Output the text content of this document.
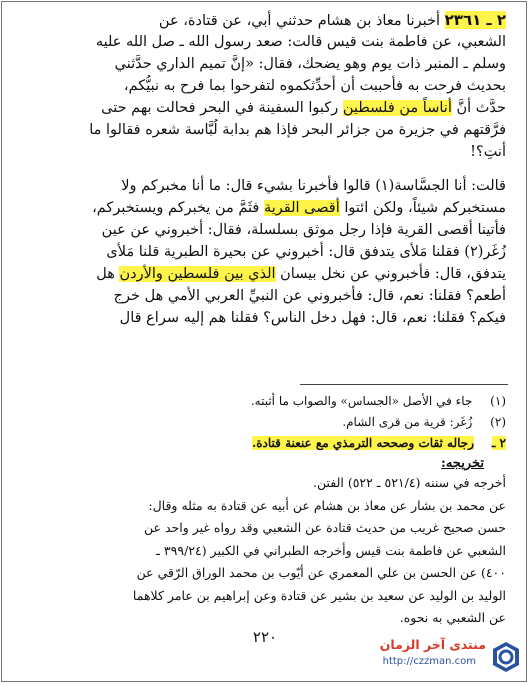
٢ ـ ٢٣٦١ أخبرنا معاذ بن هشام حدثني أبي، عن قتادة، عن
الشعبي، عن فاطمة بنت قيس قالت: صعد رسول الله ـ صل الله عليه
وسلم ـ المنبر ذات يوم وهو يضحك، فقال: «إنَّ تميم الداري حدَّثني
بحديث فرحت به فأحببت أن أحدِّثكموه لتفرحوا بما فرح به نبيُّكم،
حدَّث أنَّ أناساً من فلسطين ركبوا السفينة في البحر فحالت بهم حتى
فرَّقتهم في جزيرة من جزائر البحر فإذا هم بدابة لُبَّاسة شعره فقالوا ما
أنتِ؟!
قالت: أنا الجسَّاسة(١) قالوا فأخبرنا بشيء قال: ما أنا مخبركم ولا
مستخبركم شيئاً، ولكن ائتوا أقصى القرية فثَمَّ من يخبركم ويستخبركم،
فأتينا أقصى القرية فإذا رجل موثق بسلسلة، فقال: أخبروني عن عين
زُغَر(٢) فقلنا مَلأى يتدفق قال: أخبروني عن بحيرة الطبرية قلنا مَلأى
يتدفق، قال: فأخبروني عن نخل بيسان الذي بين فلسطين والأردن هل
أطعم؟ فقلنا: نعم، قال: فأخبروني عن النبيِّ العربي الأمي هل خرج
فيكم؟ فقلنا: نعم، قال: فهل دخل الناس؟ فقلنا هم إليه سراع قال
(١) جاء في الأصل «الجساس» والصواب ما أثبته.
(٢) زُغَر: قرية من قرى الشام.
٢ ـ رجاله ثقات وصححه الترمذي مع عنعنة قتادة.
تخريجه:
أخرجه في سننه (٥٢١/٤ ـ ٥٢٢) الفتن.
عن محمد بن بشار عن معاذ بن هشام عن أبيه عن قتادة به مثله وقال:
حسن صحيح غريب من حديث قتادة عن الشعبي وقد رواه غير واحد عن
الشعبي عن فاطمة بنت قيس وأخرجه الطبراني في الكبير (٣٩٩/٢٤ ـ
٤٠٠) عن الحسن بن علي المعمري عن أيّوب بن محمد الوراق الرّقي عن
الوليد بن الوليد عن سعيد بن بشير عن قتادة وعن إبراهيم بن عامر كلاهما
عن الشعبي به نحوه.
٢٢٠	منتدى آخر الزمان
http://czzman.com
